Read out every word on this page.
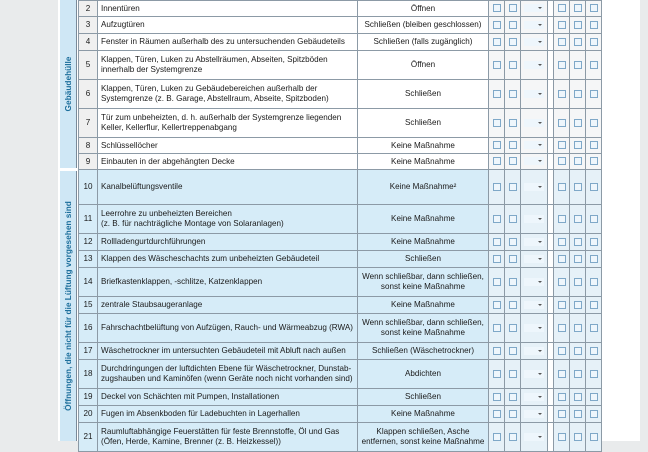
Gebäudehülle
Öffnungen, die nicht für die Lüftung vorgesehen sind
2	Innentüren	Öffnen							
3	Aufzugtüren	Schließen (bleiben geschlossen)							
4	Fenster in Räumen außerhalb des zu untersuchenden Gebäudeteils	Schließen (falls zugänglich)							
5	Klappen, Türen, Luken zu Abstellräumen, Abseiten, Spitzböden
innerhalb der Systemgrenze	Öffnen							
6	Klappen, Türen, Luken zu Gebäudebereichen außerhalb der
Systemgrenze (z. B. Garage, Abstellraum, Abseite, Spitzboden)	Schließen							
7	Tür zum unbeheizten, d. h. außerhalb der Systemgrenze liegenden
Keller, Kellerflur, Kellertreppenabgang	Schließen							
8	Schlüssellöcher	Keine Maßnahme							
9	Einbauten in der abgehängten Decke	Keine Maßnahme							
10	Kanalbelüftungsventile	Keine Maßnahme²							
11	Leerrohre zu unbeheizten Bereichen
(z. B. für nachträgliche Montage von Solaranlagen)	Keine Maßnahme							
12	Rollladengurtdurchführungen	Keine Maßnahme							
13	Klappen des Wäscheschachts zum unbeheizten Gebäudeteil	Schließen							
14	Briefkastenklappen, -schlitze, Katzenklappen	Wenn schließbar, dann schließen,
sonst keine Maßnahme							
15	zentrale Staubsaugeranlage	Keine Maßnahme							
16	Fahrschachtbelüftung von Aufzügen, Rauch- und Wärmeabzug (RWA)	Wenn schließbar, dann schließen,
sonst keine Maßnahme							
17	Wäschetrockner im untersuchten Gebäudeteil mit Abluft nach außen	Schließen (Wäschetrockner)							
18	Durchdringungen der luftdichten Ebene für Wäschetrockner, Dunstab-
zugshauben und Kaminöfen (wenn Geräte noch nicht vorhanden sind)	Abdichten							
19	Deckel von Schächten mit Pumpen, Installationen	Schließen							
20	Fugen im Absenkboden für Ladebuchten in Lagerhallen	Keine Maßnahme							
21	Raumluftabhängige Feuerstätten für feste Brennstoffe, Öl und Gas
(Öfen, Herde, Kamine, Brenner (z. B. Heizkessel))	Klappen schließen, Asche
entfernen, sonst keine Maßnahme							
